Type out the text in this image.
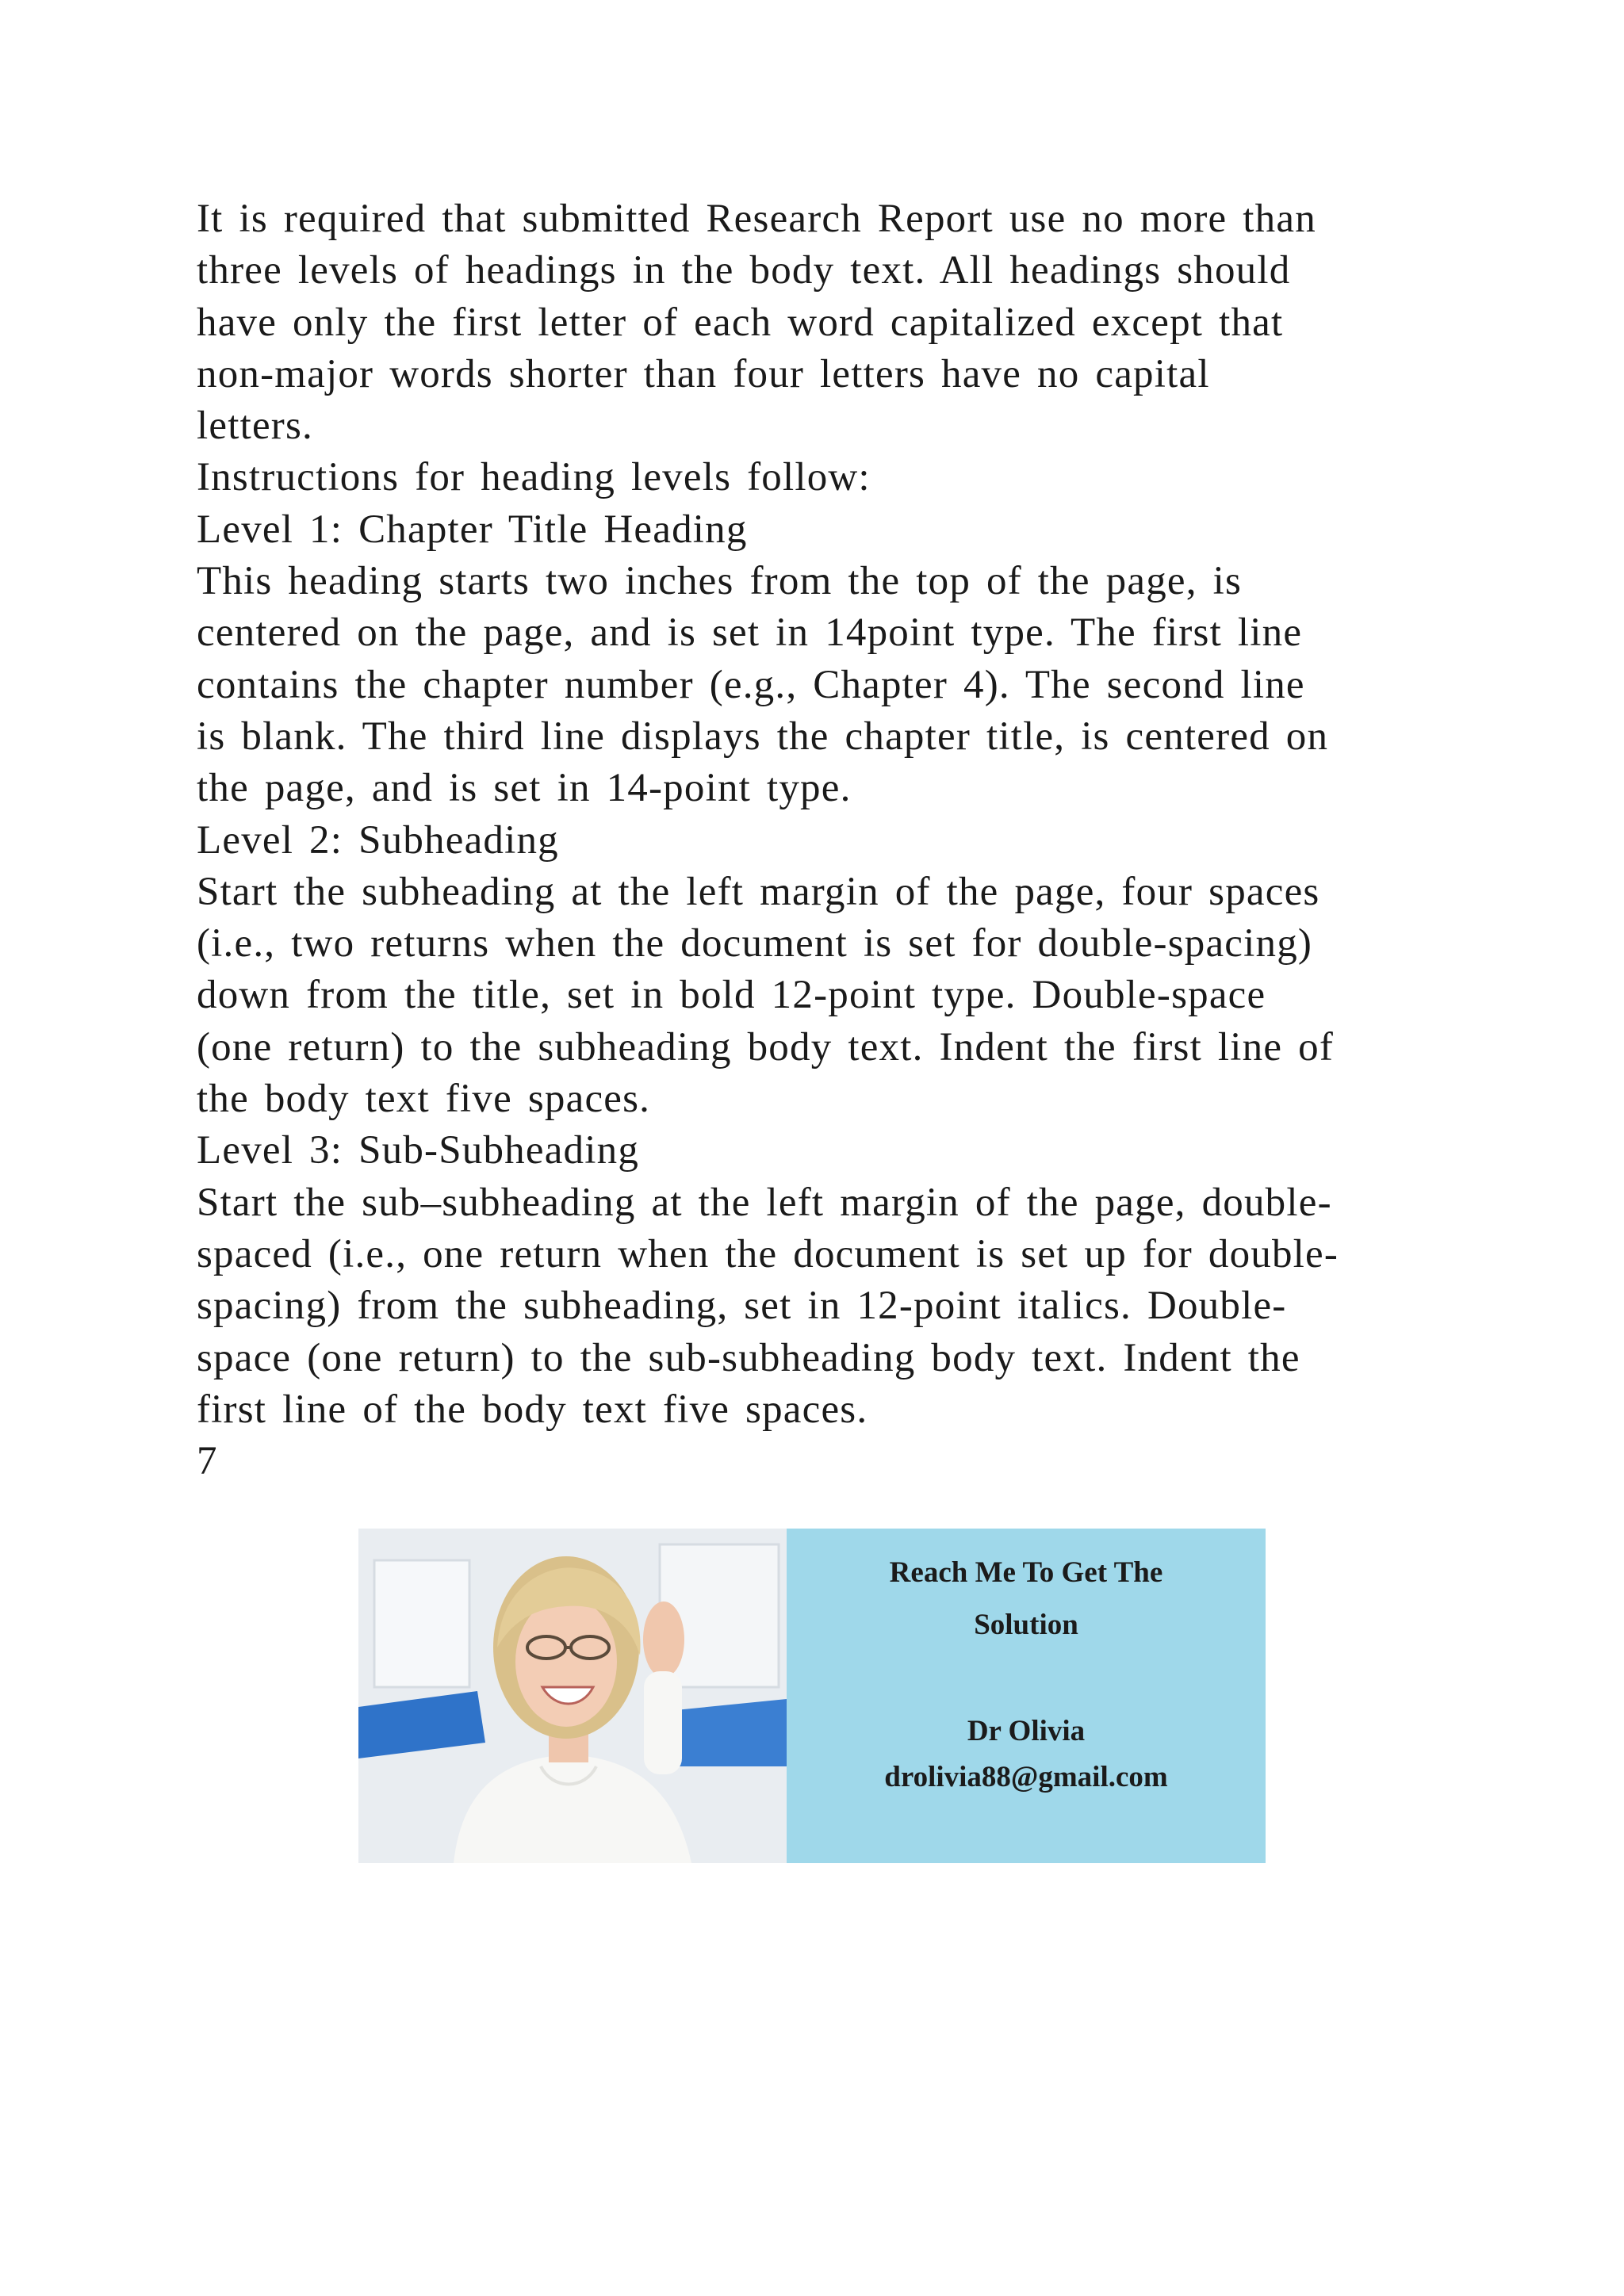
It is required that submitted Research Report use no more than
three levels of headings in the body text. All headings should
have only the first letter of each word capitalized except that
non-major words shorter than four letters have no capital
letters.
Instructions for heading levels follow:
Level 1: Chapter Title Heading
This heading starts two inches from the top of the page, is
centered on the page, and is set in 14point type. The first line
contains the chapter number (e.g., Chapter 4). The second line
is blank. The third line displays the chapter title, is centered on
the page, and is set in 14-point type.
Level 2: Subheading
Start the subheading at the left margin of the page, four spaces
(i.e., two returns when the document is set for double-spacing)
down from the title, set in bold 12-point type. Double-space
(one return) to the subheading body text. Indent the first line of
the body text five spaces.
Level 3: Sub-Subheading
Start the sub–subheading at the left margin of the page, double-
spaced (i.e., one return when the document is set up for double-
spacing) from the subheading, set in 12-point italics. Double-
space (one return) to the sub-subheading body text. Indent the
first line of the body text five spaces.
7
Reach Me To Get The
Solution
Dr Olivia
drolivia88@gmail.com
